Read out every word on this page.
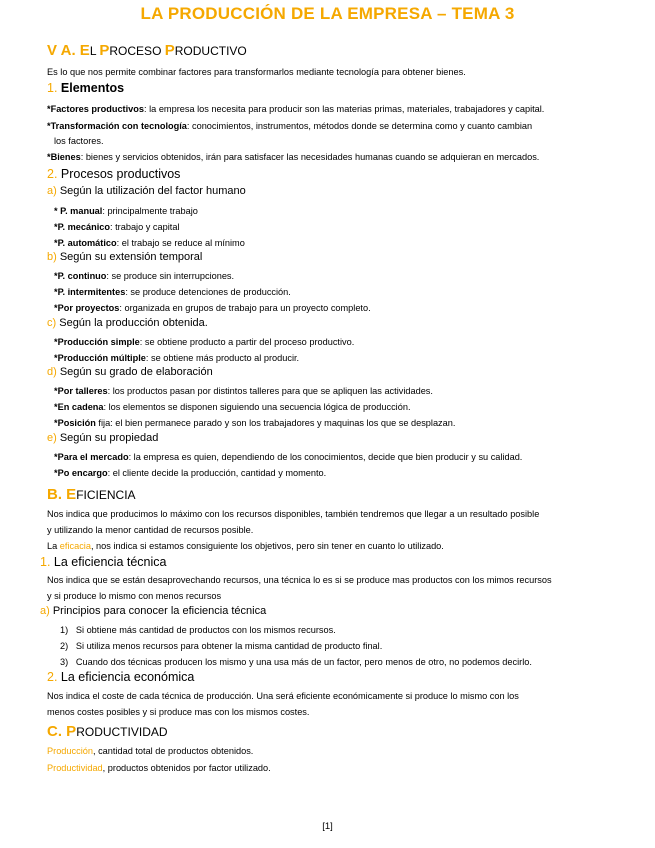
LA PRODUCCIÓN DE LA EMPRESA – TEMA 3
V A. EL PROCESO PRODUCTIVO
Es lo que nos permite combinar factores para transformarlos mediante tecnología para obtener bienes.
1. Elementos
*Factores productivos: la empresa los necesita para producir son las materias primas, materiales, trabajadores y capital.
*Transformación con tecnología: conocimientos, instrumentos, métodos donde se determina como y cuanto cambian
los factores.
*Bienes: bienes y servicios obtenidos, irán para satisfacer las necesidades humanas cuando se adquieran en mercados.
2. Procesos productivos
a) Según la utilización del factor humano
* P. manual: principalmente trabajo
*P. mecánico: trabajo y capital
*P. automático: el trabajo se reduce al mínimo
b) Según su extensión temporal
*P. continuo: se produce sin interrupciones.
*P. intermitentes: se produce detenciones de producción.
*Por proyectos: organizada en grupos de trabajo para un proyecto completo.
c) Según la producción obtenida.
*Producción simple: se obtiene producto a partir del proceso productivo.
*Producción múltiple: se obtiene más producto al producir.
d) Según su grado de elaboración
*Por talleres: los productos pasan por distintos talleres para que se apliquen las actividades.
*En cadena: los elementos se disponen siguiendo una secuencia lógica de producción.
*Posición fija: el bien permanece parado y son los trabajadores y maquinas los que se desplazan.
e) Según su propiedad
*Para el mercado: la empresa es quien, dependiendo de los conocimientos, decide que bien producir y su calidad.
*Po encargo: el cliente decide la producción, cantidad y momento.
B. EFICIENCIA
Nos indica que producimos lo máximo con los recursos disponibles, también tendremos que llegar a un resultado posible
y utilizando la menor cantidad de recursos posible.
La eficacia, nos indica si estamos consiguiente los objetivos, pero sin tener en cuanto lo utilizado.
1. La eficiencia técnica
Nos indica que se están desaprovechando recursos, una técnica lo es si se produce mas productos con los mimos recursos
y si produce lo mismo con menos recursos
a) Principios para conocer la eficiencia técnica
1) Si obtiene más cantidad de productos con los mismos recursos.
2) Si utiliza menos recursos para obtener la misma cantidad de producto final.
3) Cuando dos técnicas producen los mismo y una usa más de un factor, pero menos de otro, no podemos decirlo.
2. La eficiencia económica
Nos indica el coste de cada técnica de producción. Una será eficiente económicamente si produce lo mismo con los
menos costes posibles y si produce mas con los mismos costes.
C. PRODUCTIVIDAD
Producción, cantidad total de productos obtenidos.
Productividad, productos obtenidos por factor utilizado.
[1]
